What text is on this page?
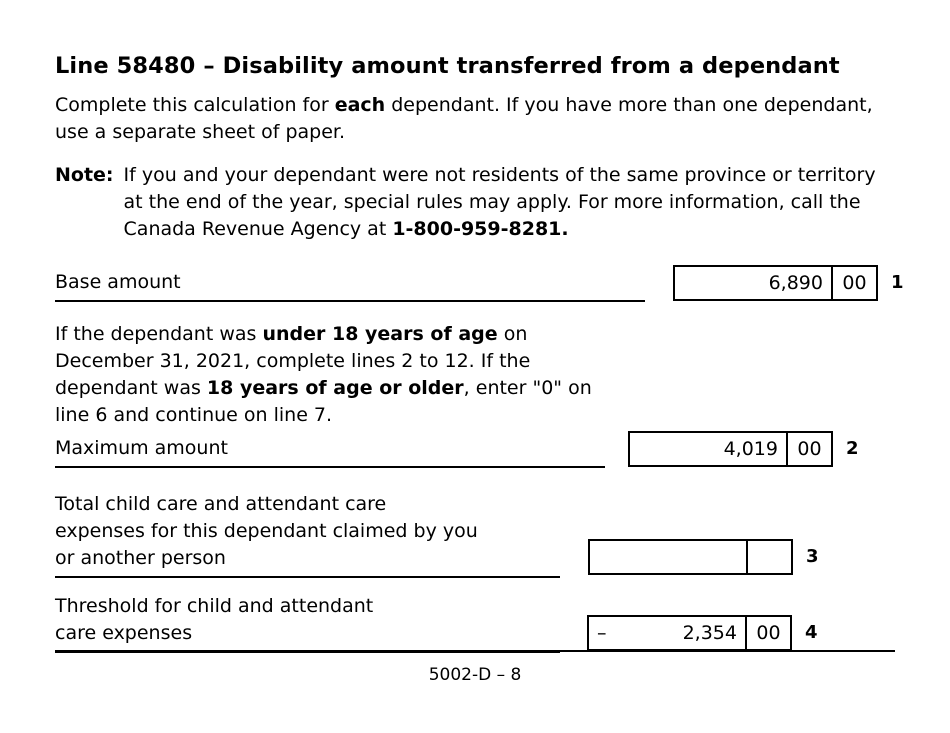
Line 58480 – Disability amount transferred from a dependant

Complete this calculation for each dependant. If you have more than one dependant, use a separate sheet of paper.

Note: If you and your dependant were not residents of the same province or territory at the end of the year, special rules may apply. For more information, call the Canada Revenue Agency at 1-800-959-8281.
Base amount	6,890 00 1

If the dependant was under 18 years of age on December 31, 2021, complete lines 2 to 12. If the dependant was 18 years of age or older, enter "0" on line 6 and continue on line 7.

Maximum amount	4,019 00 2
Total child care and attendant care
expenses for this dependant claimed by you
or another person	3
Threshold for child and attendant
care expenses	–	2,354 00 4
5002-D – 8
